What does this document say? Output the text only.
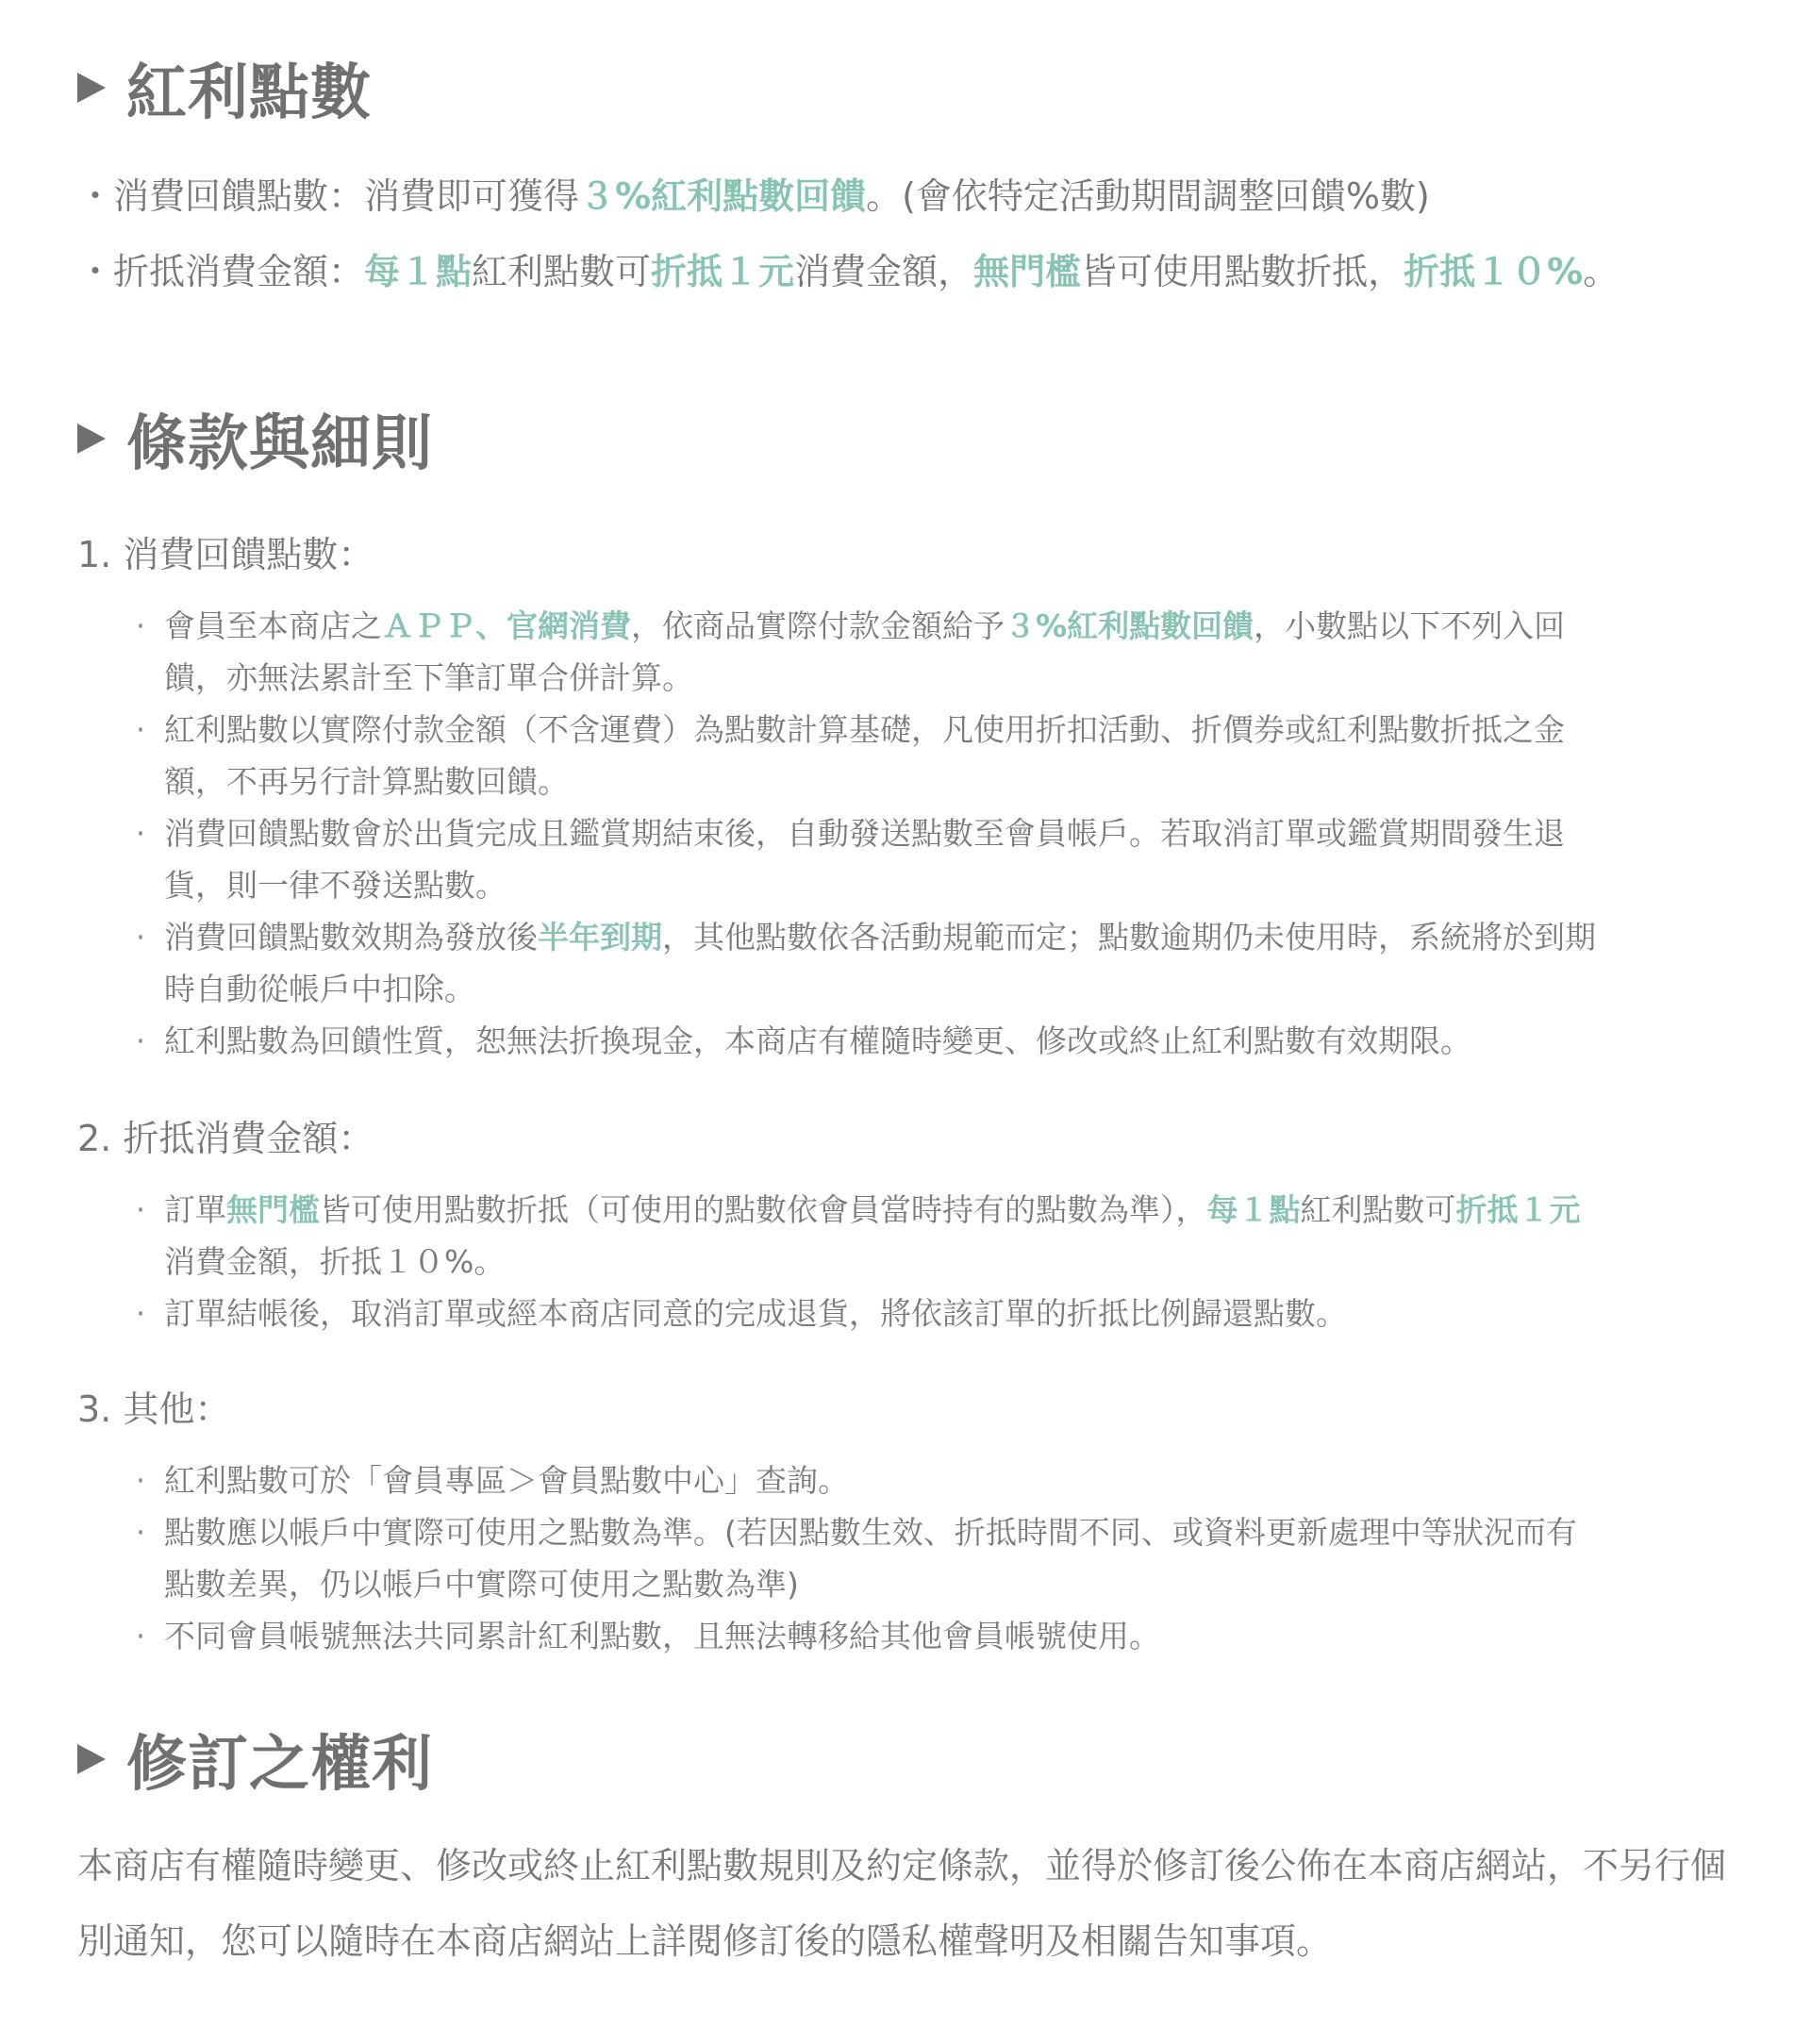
紅利點數
・消費回饋點數：消費即可獲得３%紅利點數回饋。(會依特定活動期間調整回饋%數)
・折抵消費金額：每１點紅利點數可折抵１元消費金額，無門檻皆可使用點數折抵，折抵１０%。
條款與細則

1. 消費回饋點數：

· 會員至本商店之ＡＰＰ、官網消費，依商品實際付款金額給予３%紅利點數回饋，小數點以下不列入回饋，亦無法累計至下筆訂單合併計算。
· 紅利點數以實際付款金額（不含運費）為點數計算基礎，凡使用折扣活動、折價券或紅利點數折抵之金額，不再另行計算點數回饋。
· 消費回饋點數會於出貨完成且鑑賞期結束後，自動發送點數至會員帳戶。若取消訂單或鑑賞期間發生退貨，則一律不發送點數。
· 消費回饋點數效期為發放後半年到期，其他點數依各活動規範而定；點數逾期仍未使用時，系統將於到期時自動從帳戶中扣除。
· 紅利點數為回饋性質，恕無法折換現金，本商店有權隨時變更、修改或終止紅利點數有效期限。

2. 折抵消費金額：

· 訂單無門檻皆可使用點數折抵（可使用的點數依會員當時持有的點數為準），每１點紅利點數可折抵１元消費金額，折抵１０%。
· 訂單結帳後，取消訂單或經本商店同意的完成退貨，將依該訂單的折抵比例歸還點數。

3. 其他：

· 紅利點數可於「會員專區＞會員點數中心」查詢。
· 點數應以帳戶中實際可使用之點數為準。(若因點數生效、折抵時間不同、或資料更新處理中等狀況而有點數差異，仍以帳戶中實際可使用之點數為準)
· 不同會員帳號無法共同累計紅利點數，且無法轉移給其他會員帳號使用。
修訂之權利

本商店有權隨時變更、修改或終止紅利點數規則及約定條款，並得於修訂後公佈在本商店網站，不另行個別通知，您可以隨時在本商店網站上詳閱修訂後的隱私權聲明及相關告知事項。
